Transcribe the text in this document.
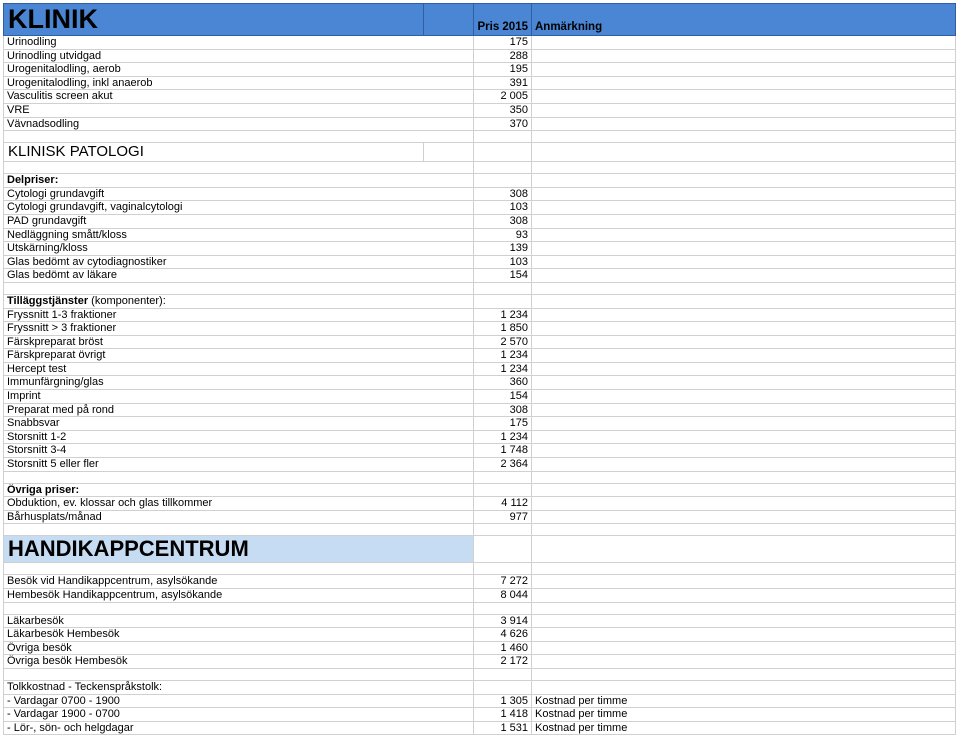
KLINIK		Pris 2015	Anmärkning
Urinodling		175	
Urinodling utvidgad		288	
Urogenitalodling, aerob		195	
Urogenitalodling, inkl anaerob		391	
Vasculitis screen akut		2 005	
VRE		350	
Vävnadsodling		370	

KLINISK PATOLOGI			

Delpriser:			
Cytologi grundavgift		308	
Cytologi grundavgift, vaginalcytologi		103	
PAD grundavgift		308	
Nedläggning smått/kloss		93	
Utskärning/kloss		139	
Glas bedömt av cytodiagnostiker		103	
Glas bedömt av läkare		154	

Tilläggstjänster (komponenter):			
Fryssnitt 1-3 fraktioner		1 234	
Fryssnitt > 3 fraktioner		1 850	
Färskpreparat bröst		2 570	
Färskpreparat övrigt		1 234	
Hercept test		1 234	
Immunfärgning/glas		360	
Imprint		154	
Preparat med på rond		308	
Snabbsvar		175	
Storsnitt 1-2		1 234	
Storsnitt 3-4		1 748	
Storsnitt 5 eller fler		2 364	

Övriga priser:			
Obduktion, ev. klossar och glas tillkommer		4 112	
Bårhusplats/månad		977	

HANDIKAPPCENTRUM			

Besök vid Handikappcentrum, asylsökande		7 272	
Hembesök Handikappcentrum, asylsökande		8 044	

Läkarbesök		3 914	
Läkarbesök Hembesök		4 626	
Övriga besök		1 460	
Övriga besök Hembesök		2 172	

Tolkkostnad - Teckenspråkstolk:			
- Vardagar 0700 - 1900		1 305	Kostnad per timme
- Vardagar 1900 - 0700		1 418	Kostnad per timme
- Lör-, sön- och helgdagar		1 531	Kostnad per timme
